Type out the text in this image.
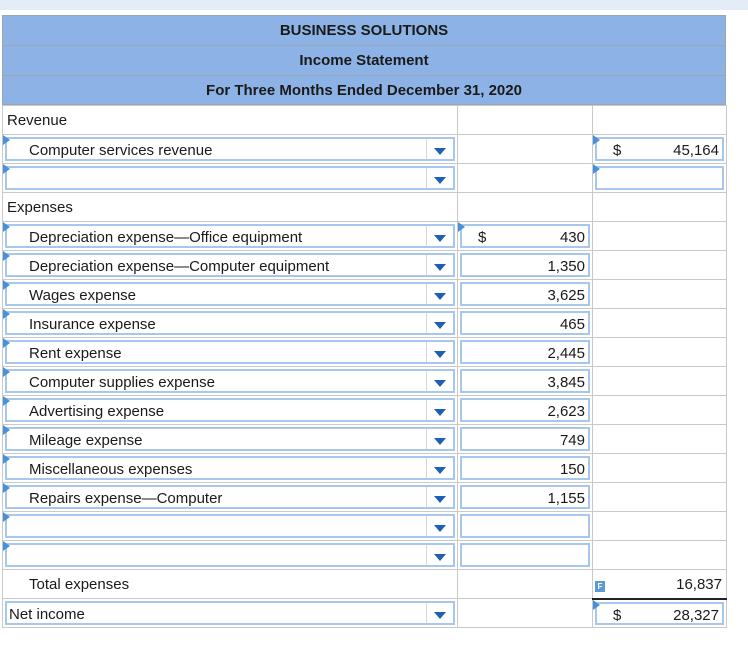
BUSINESS SOLUTIONS
Income Statement
For Three Months Ended December 31, 2020
Revenue		

Computer services revenue		$ 45,164

Expenses		

Depreciation expense—Office equipment	$ 430	

Depreciation expense—Computer equipment	1,350	

Wages expense	3,625	

Insurance expense	465	

Rent expense	2,445	

Computer supplies expense	3,845	

Advertising expense	2,623	

Mileage expense	749	

Miscellaneous expenses	150	

Repairs expense—Computer	1,155	

Total expenses		F 16,837

Net income		$ 28,327
